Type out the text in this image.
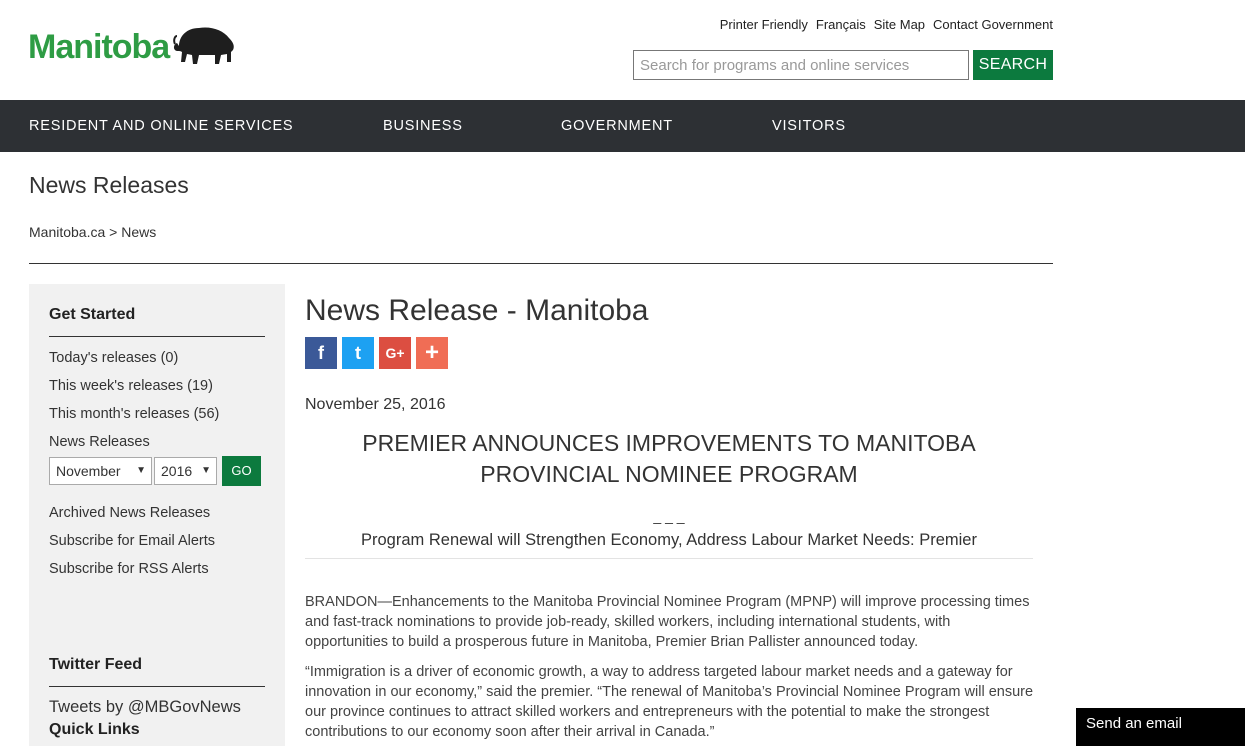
Manitoba
Printer Friendly Français Site Map Contact Government
Search for programs and online services
SEARCH
RESIDENT AND ONLINE SERVICES	BUSINESS	GOVERNMENT	VISITORS
News Releases
Manitoba.ca > News
Get Started
Today's releases (0)
This week's releases (19)
This month's releases (56)
News Releases
November ▼	2016 ▼	GO
Archived News Releases
Subscribe for Email Alerts
Subscribe for RSS Alerts
Twitter Feed
Tweets by @MBGovNews
Quick Links
News Release - Manitoba
f	t	G+ +
November 25, 2016
PREMIER ANNOUNCES IMPROVEMENTS TO MANITOBA
PROVINCIAL NOMINEE PROGRAM
_ _ _
Program Renewal will Strengthen Economy, Address Labour Market Needs: Premier
BRANDON—Enhancements to the Manitoba Provincial Nominee Program (MPNP) will improve processing times and fast-track nominations to provide job-ready, skilled workers, including international students, with opportunities to build a prosperous future in Manitoba, Premier Brian Pallister announced today.
“Immigration is a driver of economic growth, a way to address targeted labour market needs and a gateway for innovation in our economy,” said the premier. “The renewal of Manitoba’s Provincial Nominee Program will ensure our province continues to attract skilled workers and entrepreneurs with the potential to make the strongest contributions to our economy soon after their arrival in Canada.”	Send an email
